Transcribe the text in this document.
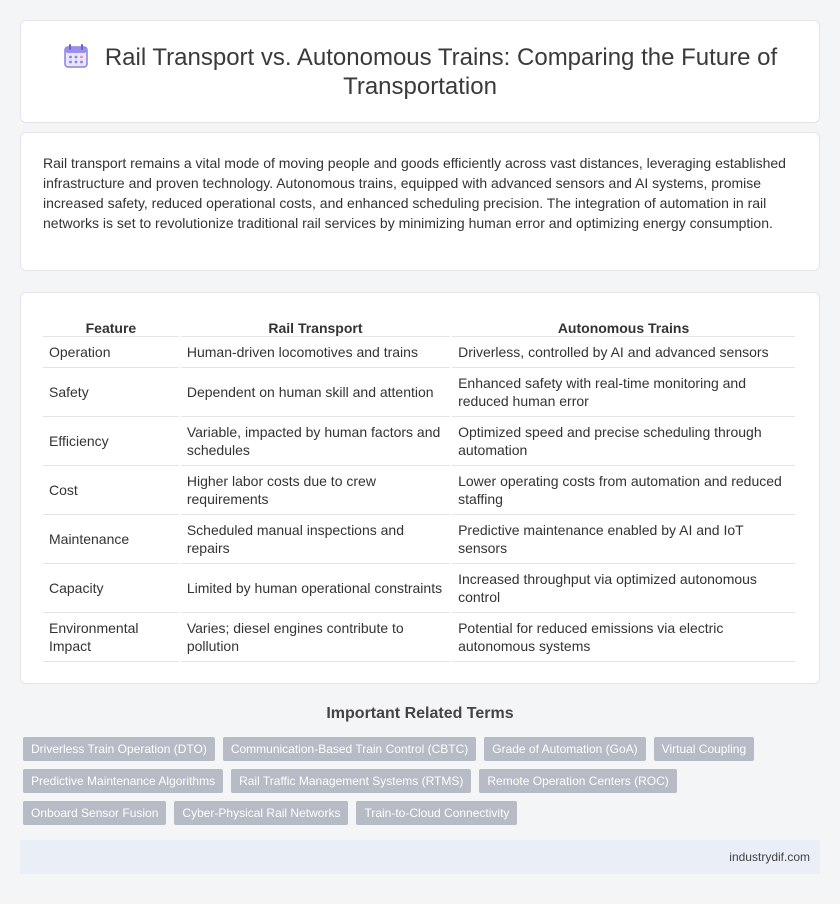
Rail Transport vs. Autonomous Trains: Comparing the Future of Transportation

Rail transport remains a vital mode of moving people and goods efficiently across vast distances, leveraging established infrastructure and proven technology. Autonomous trains, equipped with advanced sensors and AI systems, promise increased safety, reduced operational costs, and enhanced scheduling precision. The integration of automation in rail networks is set to revolutionize traditional rail services by minimizing human error and optimizing energy consumption.

Feature	Rail Transport	Autonomous Trains
Operation	Human-driven locomotives and trains	Driverless, controlled by AI and advanced sensors
Safety	Dependent on human skill and attention	Enhanced safety with real-time monitoring and reduced human error
Efficiency	Variable, impacted by human factors and schedules	Optimized speed and precise scheduling through automation
Cost	Higher labor costs due to crew requirements	Lower operating costs from automation and reduced staffing
Maintenance	Scheduled manual inspections and repairs	Predictive maintenance enabled by AI and IoT sensors
Capacity	Limited by human operational constraints	Increased throughput via optimized autonomous control
Environmental Impact	Varies; diesel engines contribute to pollution	Potential for reduced emissions via electric autonomous systems
Important Related Terms
Driverless Train Operation (DTO)	Communication-Based Train Control (CBTC)	Grade of Automation (GoA)	Virtual Coupling
Predictive Maintenance Algorithms	Rail Traffic Management Systems (RTMS)	Remote Operation Centers (ROC)
Onboard Sensor Fusion	Cyber-Physical Rail Networks	Train-to-Cloud Connectivity
industrydif.com
